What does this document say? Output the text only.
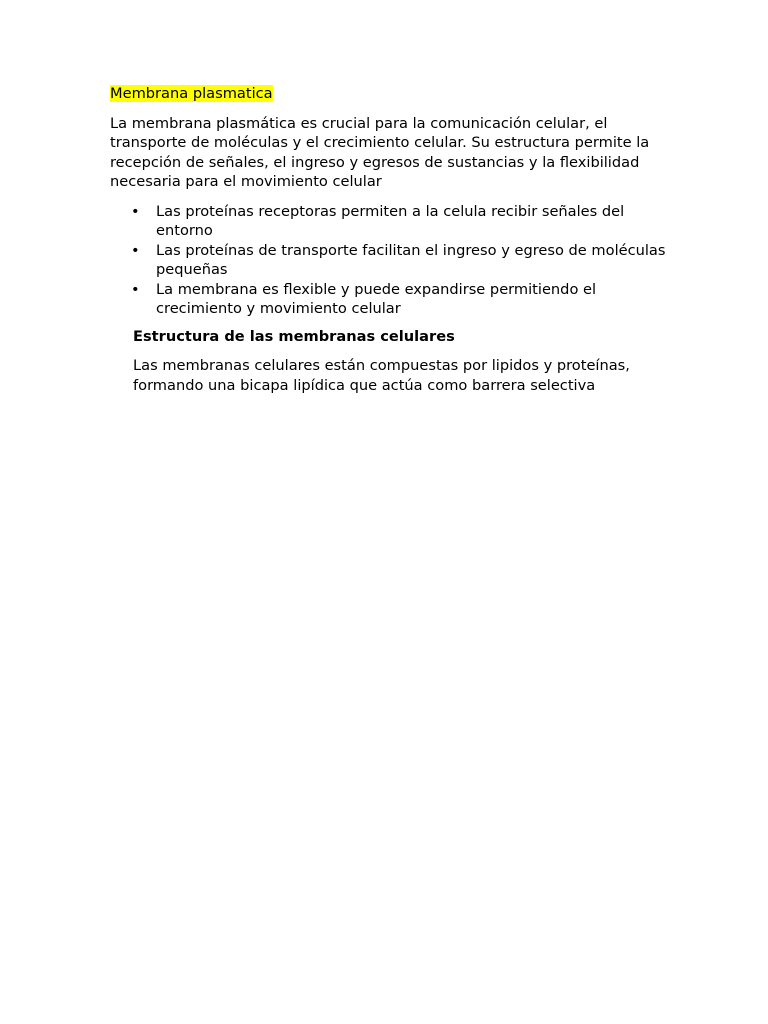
Membrana plasmatica

La membrana plasmática es crucial para la comunicación celular, el transporte de moléculas y el crecimiento celular. Su estructura permite la recepción de señales, el ingreso y egresos de sustancias y la flexibilidad necesaria para el movimiento celular

• Las proteínas receptoras permiten a la celula recibir señales del entorno
• Las proteínas de transporte facilitan el ingreso y egreso de moléculas pequeñas
• La membrana es flexible y puede expandirse permitiendo el crecimiento y movimiento celular

Estructura de las membranas celulares

Las membranas celulares están compuestas por lipidos y proteínas, formando una bicapa lipídica que actúa como barrera selectiva
